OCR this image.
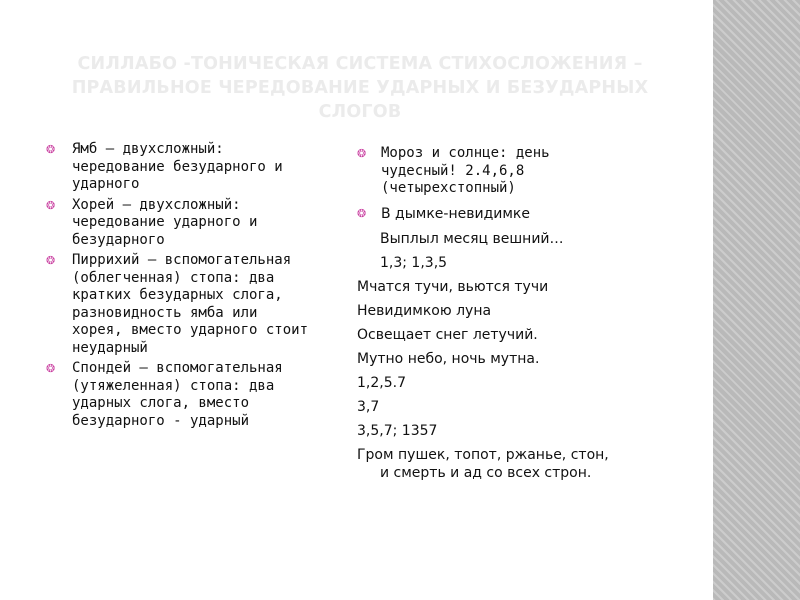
СИЛЛАБО -ТОНИЧЕСКАЯ СИСТЕМА СТИХОСЛОЖЕНИЯ –
ПРАВИЛЬНОЕ ЧЕРЕДОВАНИЕ УДАРНЫХ И БЕЗУДАРНЫХ
СЛОГОВ
❂ Ямб – двухсложный:
чередование безударного и
ударного
❂ Хорей – двухсложный:
чередование ударного и
безударного
❂ Пиррихий – вспомогательная
(облегченная) стопа: два
кратких безударных слога,
разновидность ямба или
хорея, вместо ударного стоит
неударный
❂ Спондей – вспомогательная
(утяжеленная) стопа: два
ударных слога, вместо
безударного - ударный
❂ Мороз и солнце: день
чудесный! 2.4,6,8
(четырехстопный)
❂ В дымке-невидимке
Выплыл месяц вешний…
1,3; 1,3,5
Мчатся тучи, вьются тучи
Невидимкою луна
Освещает снег летучий.
Мутно небо, ночь мутна.
1,2,5.7
3,7
3,5,7; 1357
Гром пушек, топот, ржанье, стон,
и смерть и ад со всех строн.
